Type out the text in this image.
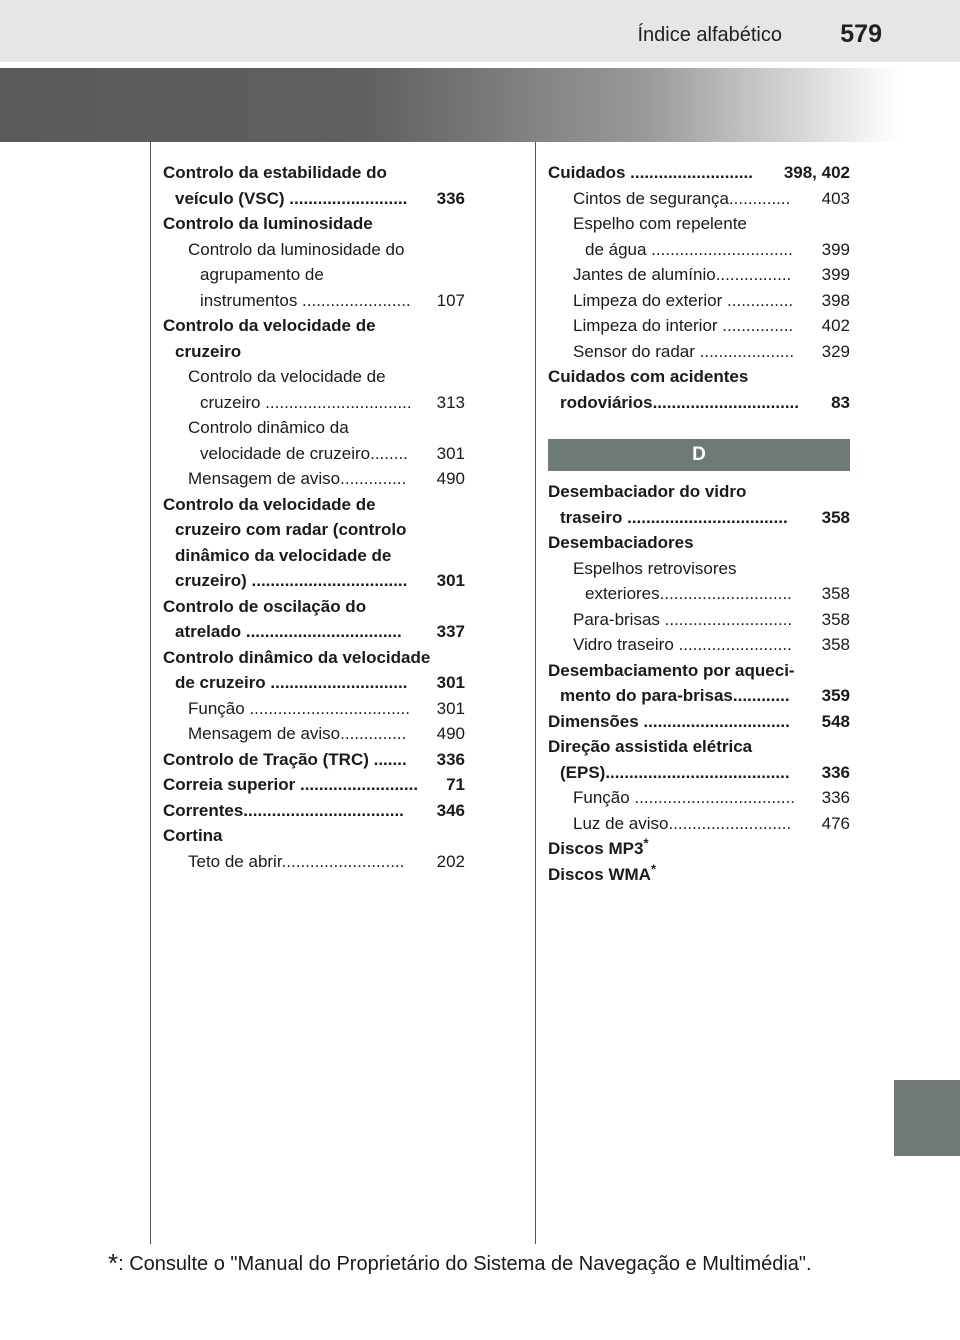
Índice alfabético 579
Controlo da estabilidade do
336
veículo (VSC) .........................
Controlo da luminosidade
Controlo da luminosidade do
agrupamento de
107
instrumentos .......................
Controlo da velocidade de
cruzeiro
Controlo da velocidade de
313
cruzeiro ...............................
Controlo dinâmico da
301
velocidade de cruzeiro........
490
Mensagem de aviso..............
Controlo da velocidade de
cruzeiro com radar (controlo
dinâmico da velocidade de
301
cruzeiro) .................................
Controlo de oscilação do
337
atrelado .................................
Controlo dinâmico da velocidade
301
de cruzeiro .............................
301
Função ..................................
490
Mensagem de aviso..............
336
Controlo de Tração (TRC) .......
71
Correia superior .........................
346
Correntes..................................
Cortina
202
Teto de abrir..........................
398, 402
Cuidados ..........................
403
Cintos de segurança.............
Espelho com repelente
399
de água ..............................
399
Jantes de alumínio................
398
Limpeza do exterior ..............
402
Limpeza do interior ...............
329
Sensor do radar ....................
Cuidados com acidentes
83
rodoviários...............................
D
Desembaciador do vidro
358
traseiro ..................................
Desembaciadores
Espelhos retrovisores
358
exteriores............................
358
Para-brisas ...........................
358
Vidro traseiro ........................
Desembaciamento por aqueci-
359
mento do para-brisas............
548
Dimensões ...............................
Direção assistida elétrica
336
(EPS).......................................
336
Função ..................................
476
Luz de aviso..........................
Discos MP3*
Discos WMA*
*: Consulte o "Manual do Proprietário do Sistema de Navegação e Multimédia".
